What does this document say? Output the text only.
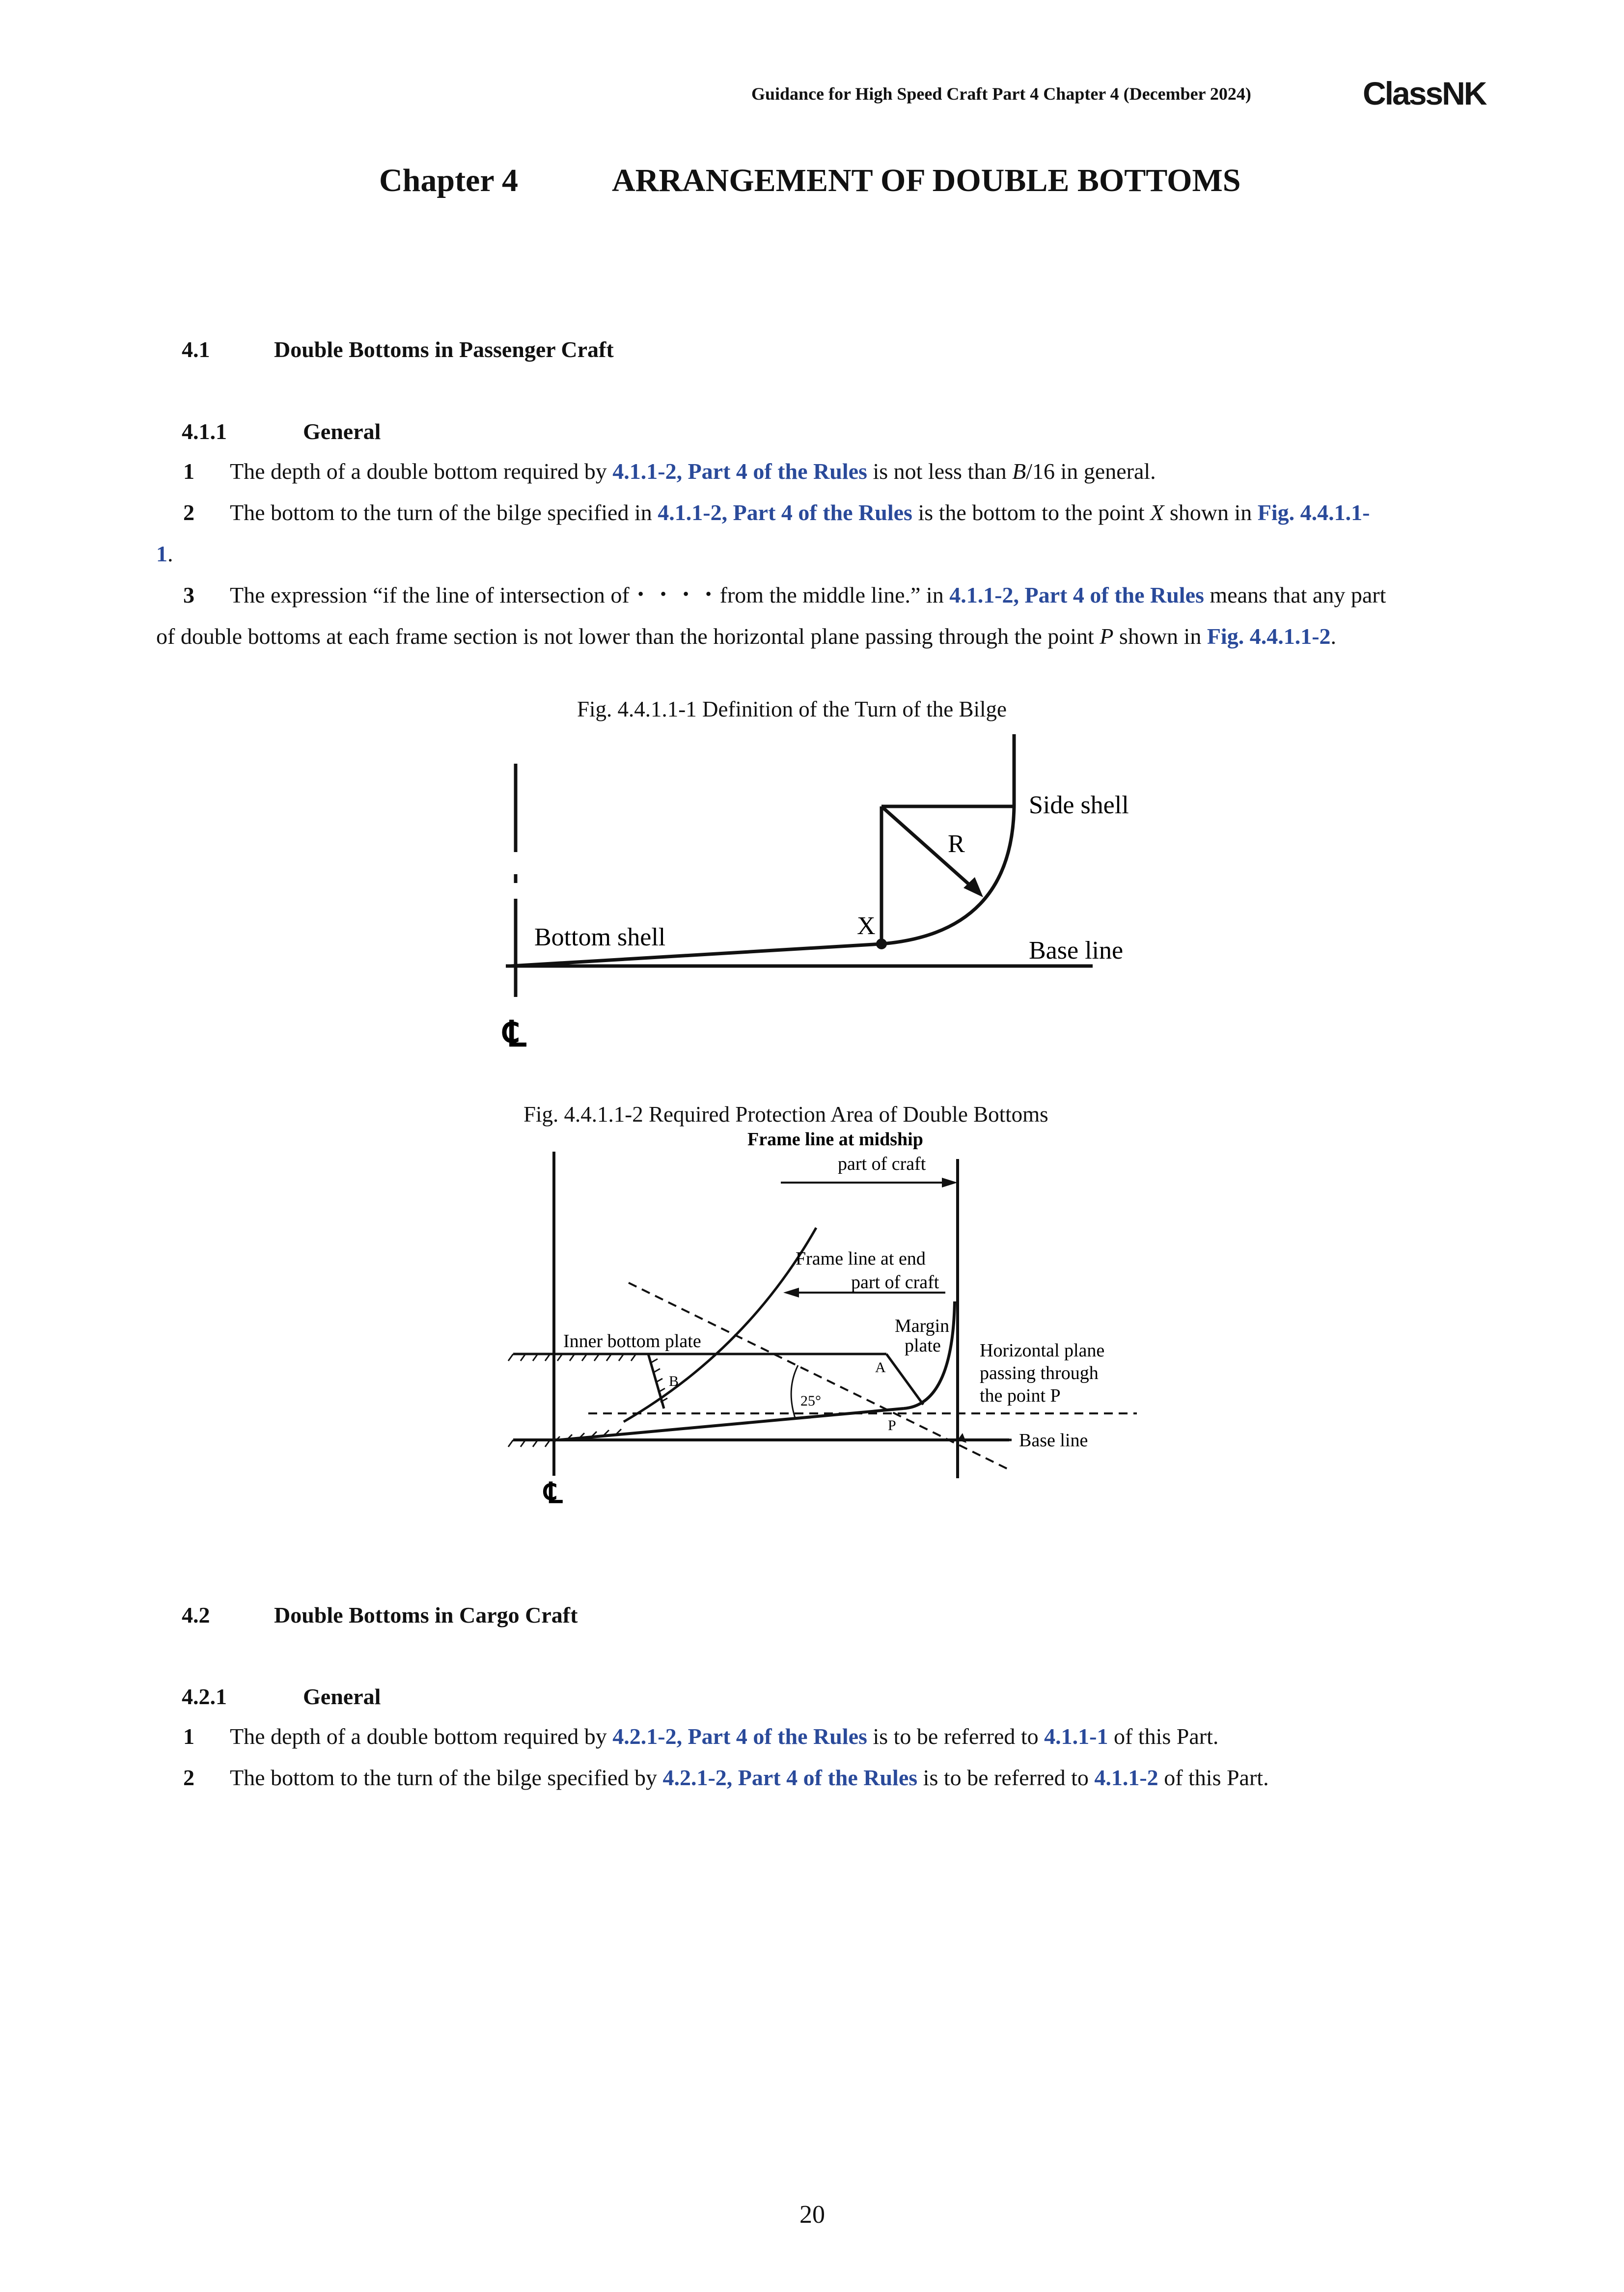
Guidance for High Speed Craft Part 4 Chapter 4 (December 2024)	ClassNK
Chapter 4	ARRANGEMENT OF DOUBLE BOTTOMS
4.1	Double Bottoms in Passenger Craft
4.1.1	General
1 The depth of a double bottom required by 4.1.1-2, Part 4 of the Rules is not less than B/16 in general.
2 The bottom to the turn of the bilge specified in 4.1.1-2, Part 4 of the Rules is the bottom to the point X shown in Fig. 4.4.1.1-
1.
3 The expression “if the line of intersection of・・・・from the middle line.” in 4.1.1-2, Part 4 of the Rules means that any part
of double bottoms at each frame section is not lower than the horizontal plane passing through the point P shown in Fig. 4.4.1.1-2.
Fig. 4.4.1.1-1 Definition of the Turn of the Bilge
Side shell
R
X
Bottom shell	Base line
℄
Fig. 4.4.1.1-2 Required Protection Area of Double Bottoms
Frame line at midship
part of craft
Frame line at end
part of craft
Margin
plate
Inner bottom plate	Horizontal plane
passing through
the point P
A
B
P
25°
Base line
℄
4.2	Double Bottoms in Cargo Craft
4.2.1	General
1 The depth of a double bottom required by 4.2.1-2, Part 4 of the Rules is to be referred to 4.1.1-1 of this Part.
2 The bottom to the turn of the bilge specified by 4.2.1-2, Part 4 of the Rules is to be referred to 4.1.1-2 of this Part.
20
